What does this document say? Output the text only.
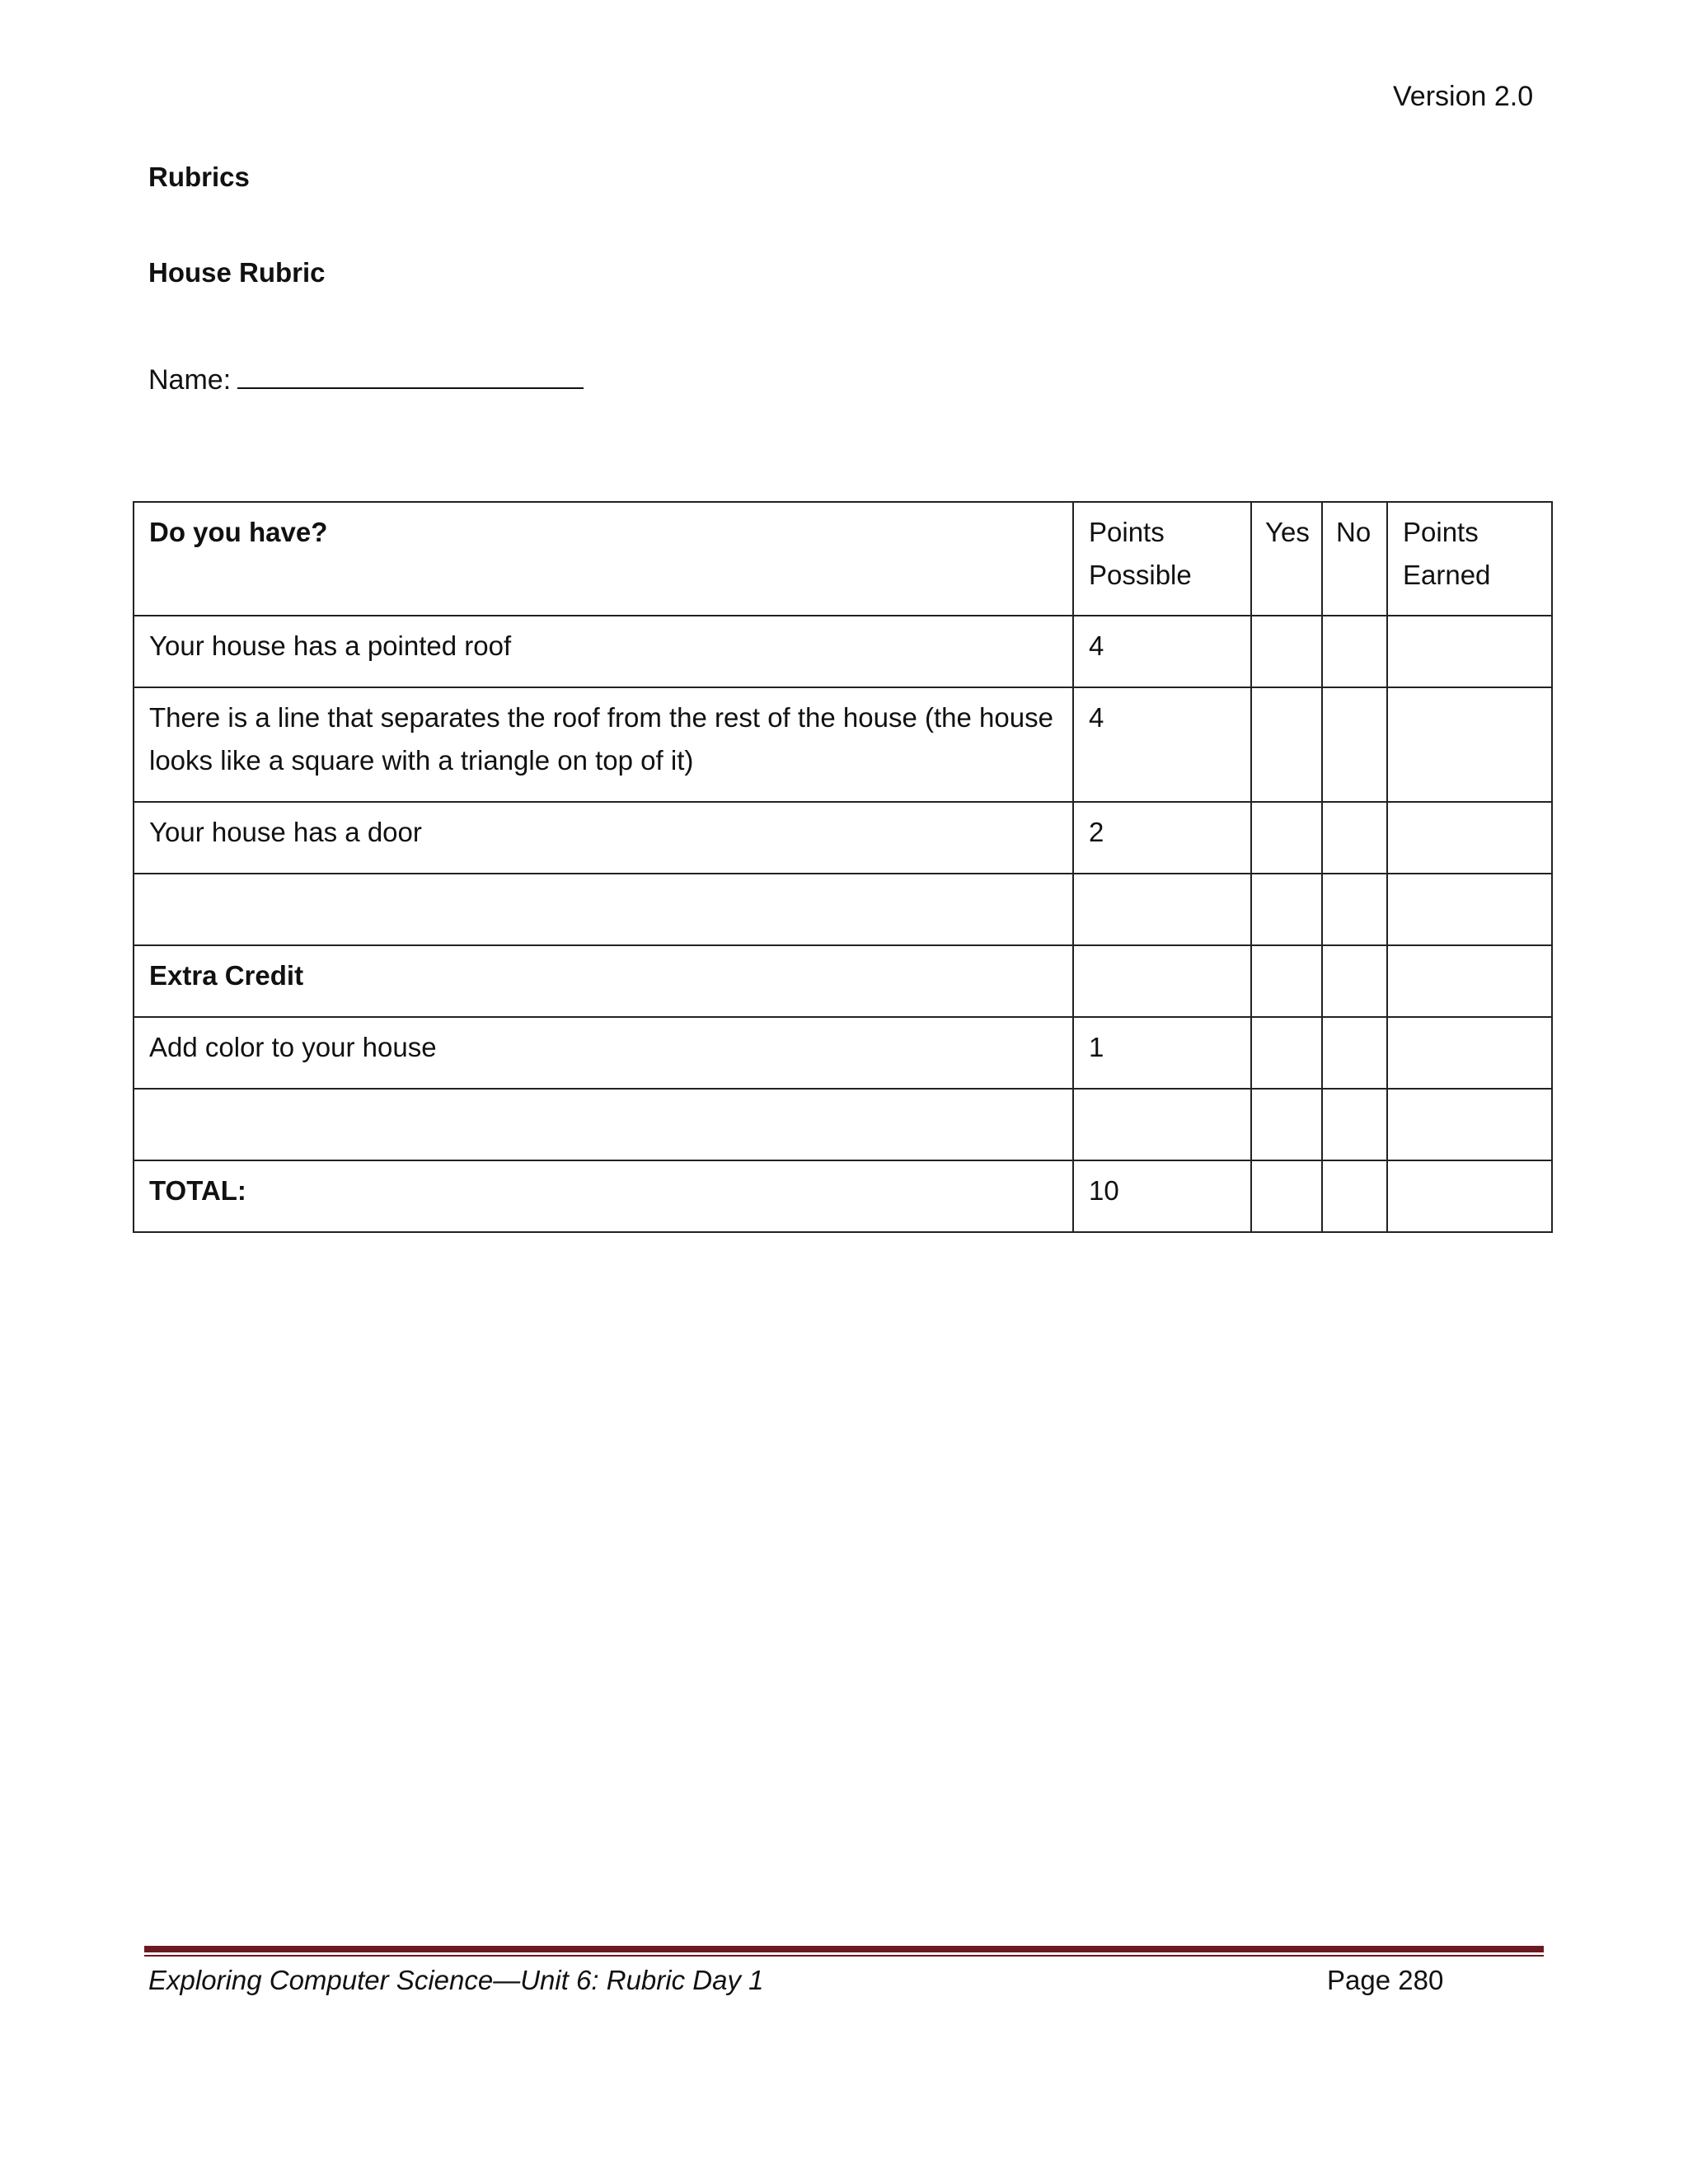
Version 2.0
Rubrics
House Rubric
Name:
Do you have?	Points Possible	Yes	No	Points Earned
Your house has a pointed roof	4			
There is a line that separates the roof from the rest of the house (the house looks like a square with a triangle on top of it)	4			
Your house has a door	2			

Extra Credit				
Add color to your house	1			

TOTAL:	10			
Exploring Computer Science—Unit 6: Rubric Day 1	Page 280
